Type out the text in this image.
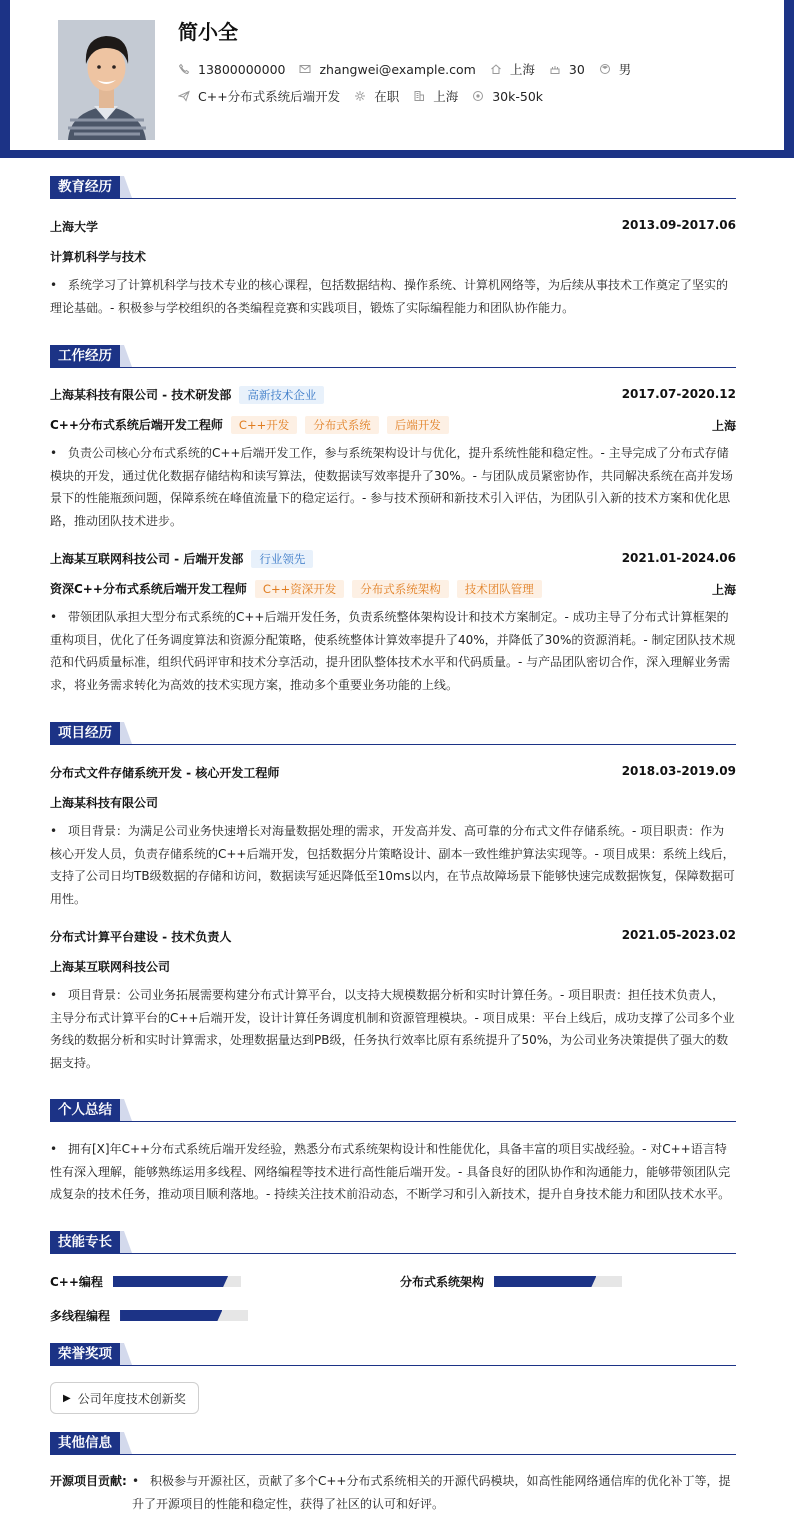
简小全
13800000000	zhangwei@example.com	上海	30	男
C++分布式系统后端开发	在职	上海	30k-50k
教育经历
上海大学	2013.09-2017.06
计算机科学与技术
• 系统学习了计算机科学与技术专业的核心课程，包括数据结构、操作系统、计算机网络等，为后续从事技术工作奠定了坚实的理论基础。- 积极参与学校组织的各类编程竞赛和实践项目，锻炼了实际编程能力和团队协作能力。
工作经历
上海某科技有限公司 - 技术研发部 高新技术企业	2017.07-2020.12
C++分布式系统后端开发工程师 C++开发 分布式系统 后端开发	上海
• 负责公司核心分布式系统的C++后端开发工作，参与系统架构设计与优化，提升系统性能和稳定性。- 主导完成了分布式存储模块的开发，通过优化数据存储结构和读写算法，使数据读写效率提升了30%。- 与团队成员紧密协作，共同解决系统在高并发场景下的性能瓶颈问题，保障系统在峰值流量下的稳定运行。- 参与技术预研和新技术引入评估，为团队引入新的技术方案和优化思路，推动团队技术进步。
上海某互联网科技公司 - 后端开发部 行业领先	2021.01-2024.06
资深C++分布式系统后端开发工程师 C++资深开发 分布式系统架构 技术团队管理	上海
• 带领团队承担大型分布式系统的C++后端开发任务，负责系统整体架构设计和技术方案制定。- 成功主导了分布式计算框架的重构项目，优化了任务调度算法和资源分配策略，使系统整体计算效率提升了40%，并降低了30%的资源消耗。- 制定团队技术规范和代码质量标准，组织代码评审和技术分享活动，提升团队整体技术水平和代码质量。- 与产品团队密切合作，深入理解业务需求，将业务需求转化为高效的技术实现方案，推动多个重要业务功能的上线。
项目经历
分布式文件存储系统开发 - 核心开发工程师	2018.03-2019.09
上海某科技有限公司
• 项目背景：为满足公司业务快速增长对海量数据处理的需求，开发高并发、高可靠的分布式文件存储系统。- 项目职责：作为核心开发人员，负责存储系统的C++后端开发，包括数据分片策略设计、副本一致性维护算法实现等。- 项目成果：系统上线后，支持了公司日均TB级数据的存储和访问，数据读写延迟降低至10ms以内，在节点故障场景下能够快速完成数据恢复，保障数据可用性。
分布式计算平台建设 - 技术负责人	2021.05-2023.02
上海某互联网科技公司
• 项目背景：公司业务拓展需要构建分布式计算平台，以支持大规模数据分析和实时计算任务。- 项目职责：担任技术负责人，主导分布式计算平台的C++后端开发，设计计算任务调度机制和资源管理模块。- 项目成果：平台上线后，成功支撑了公司多个业务线的数据分析和实时计算需求，处理数据量达到PB级，任务执行效率比原有系统提升了50%，为公司业务决策提供了强大的数据支持。
个人总结
• 拥有[X]年C++分布式系统后端开发经验，熟悉分布式系统架构设计和性能优化，具备丰富的项目实战经验。- 对C++语言特性有深入理解，能够熟练运用多线程、网络编程等技术进行高性能后端开发。- 具备良好的团队协作和沟通能力，能够带领团队完成复杂的技术任务，推动项目顺利落地。- 持续关注技术前沿动态，不断学习和引入新技术，提升自身技术能力和团队技术水平。
技能专长
C++编程	分布式系统架构
多线程编程
荣誉奖项
▶ 公司年度技术创新奖
其他信息
开源项目贡献: • 积极参与开源社区，贡献了多个C++分布式系统相关的开源代码模块，如高性能网络通信库的优化补丁等，提升了开源项目的性能和稳定性，获得了社区的认可和好评。
